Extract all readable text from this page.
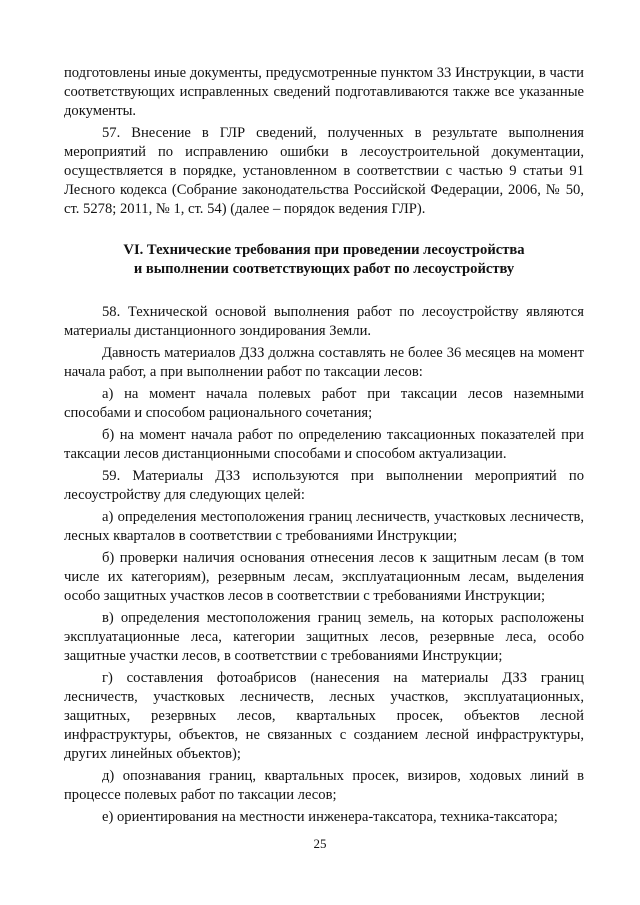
подготовлены иные документы, предусмотренные пунктом 33 Инструкции, в части соответствующих исправленных сведений подготавливаются также все указанные документы.

57. Внесение в ГЛР сведений, полученных в результате выполнения мероприятий по исправлению ошибки в лесоустроительной документации, осуществляется в порядке, установленном в соответствии с частью 9 статьи 91 Лесного кодекса (Собрание законодательства Российской Федерации, 2006, № 50, ст. 5278; 2011, № 1, ст. 54) (далее – порядок ведения ГЛР).

VI. Технические требования при проведении лесоустройства
и выполнении соответствующих работ по лесоустройству

58. Технической основой выполнения работ по лесоустройству являются материалы дистанционного зондирования Земли.

Давность материалов ДЗЗ должна составлять не более 36 месяцев на момент начала работ, а при выполнении работ по таксации лесов:

а) на момент начала полевых работ при таксации лесов наземными способами и способом рационального сочетания;

б) на момент начала работ по определению таксационных показателей при таксации лесов дистанционными способами и способом актуализации.

59. Материалы ДЗЗ используются при выполнении мероприятий по лесоустройству для следующих целей:

а) определения местоположения границ лесничеств, участковых лесничеств, лесных кварталов в соответствии с требованиями Инструкции;

б) проверки наличия основания отнесения лесов к защитным лесам (в том числе их категориям), резервным лесам, эксплуатационным лесам, выделения особо защитных участков лесов в соответствии с требованиями Инструкции;

в) определения местоположения границ земель, на которых расположены эксплуатационные леса, категории защитных лесов, резервные леса, особо защитные участки лесов, в соответствии с требованиями Инструкции;

г) составления фотоабрисов (нанесения на материалы ДЗЗ границ лесничеств, участковых лесничеств, лесных участков, эксплуатационных, защитных, резервных лесов, квартальных просек, объектов лесной инфраструктуры, объектов, не связанных с созданием лесной инфраструктуры, других линейных объектов);

д) опознавания границ, квартальных просек, визиров, ходовых линий в процессе полевых работ по таксации лесов;

е) ориентирования на местности инженера-таксатора, техника-таксатора;

25
